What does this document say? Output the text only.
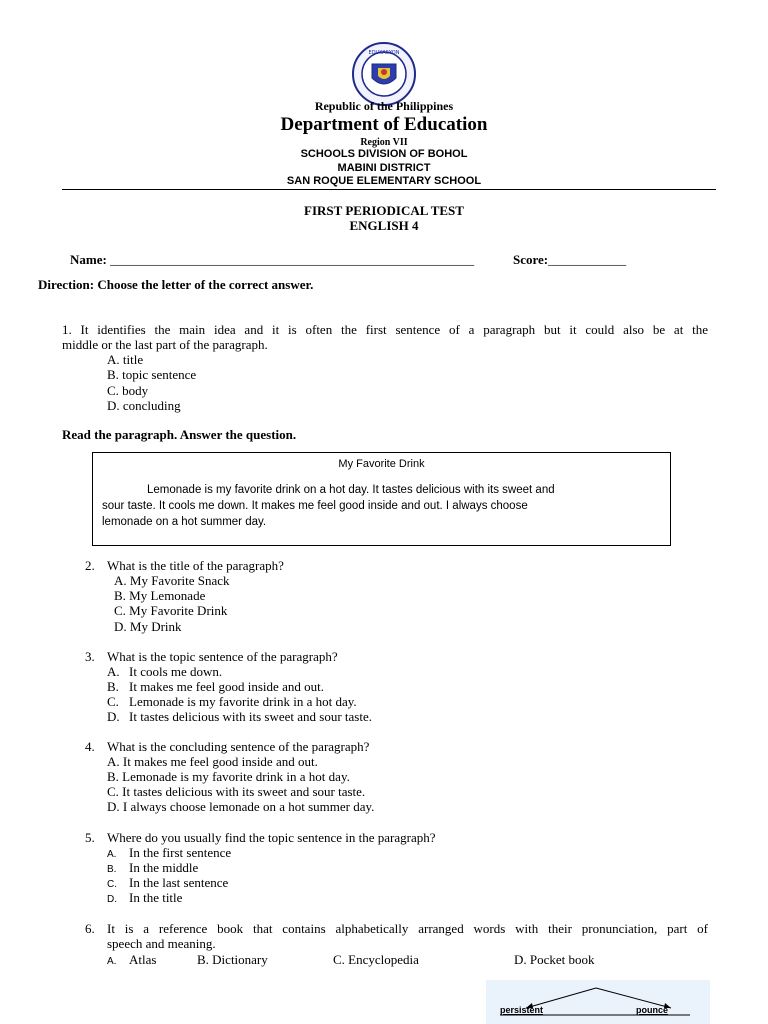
EDUKASYON
Republic of the Philippines
Department of Education
Region VII
SCHOOLS DIVISION OF BOHOL
MABINI DISTRICT
SAN ROQUE ELEMENTARY SCHOOL
FIRST PERIODICAL TEST
ENGLISH 4
Name: ________________________________________________________	Score:____________
Direction: Choose the letter of the correct answer.
1. It identifies the main idea and it is often the first sentence of a paragraph but it could also be at the
middle or the last part of the paragraph.
A. title
B. topic sentence
C. body
D. concluding
Read the paragraph. Answer the question.
My Favorite Drink
Lemonade is my favorite drink on a hot day. It tastes delicious with its sweet and
sour taste. It cools me down. It makes me feel good inside and out. I always choose
lemonade on a hot summer day.
2. What is the title of the paragraph?
A. My Favorite Snack
B. My Lemonade
C. My Favorite Drink
D. My Drink
3. What is the topic sentence of the paragraph?
A. It cools me down.
B. It makes me feel good inside and out.
C. Lemonade is my favorite drink in a hot day.
D. It tastes delicious with its sweet and sour taste.
4. What is the concluding sentence of the paragraph?
A. It makes me feel good inside and out.
B. Lemonade is my favorite drink in a hot day.
C. It tastes delicious with its sweet and sour taste.
D. I always choose lemonade on a hot summer day.
5. Where do you usually find the topic sentence in the paragraph?
A. In the first sentence
B. In the middle
C. In the last sentence
D. In the title
6. It is a reference book that contains alphabetically arranged words with their pronunciation, part of
speech and meaning.
A. Atlas	B. Dictionary	C. Encyclopedia	D. Pocket book
persistent	pounce
